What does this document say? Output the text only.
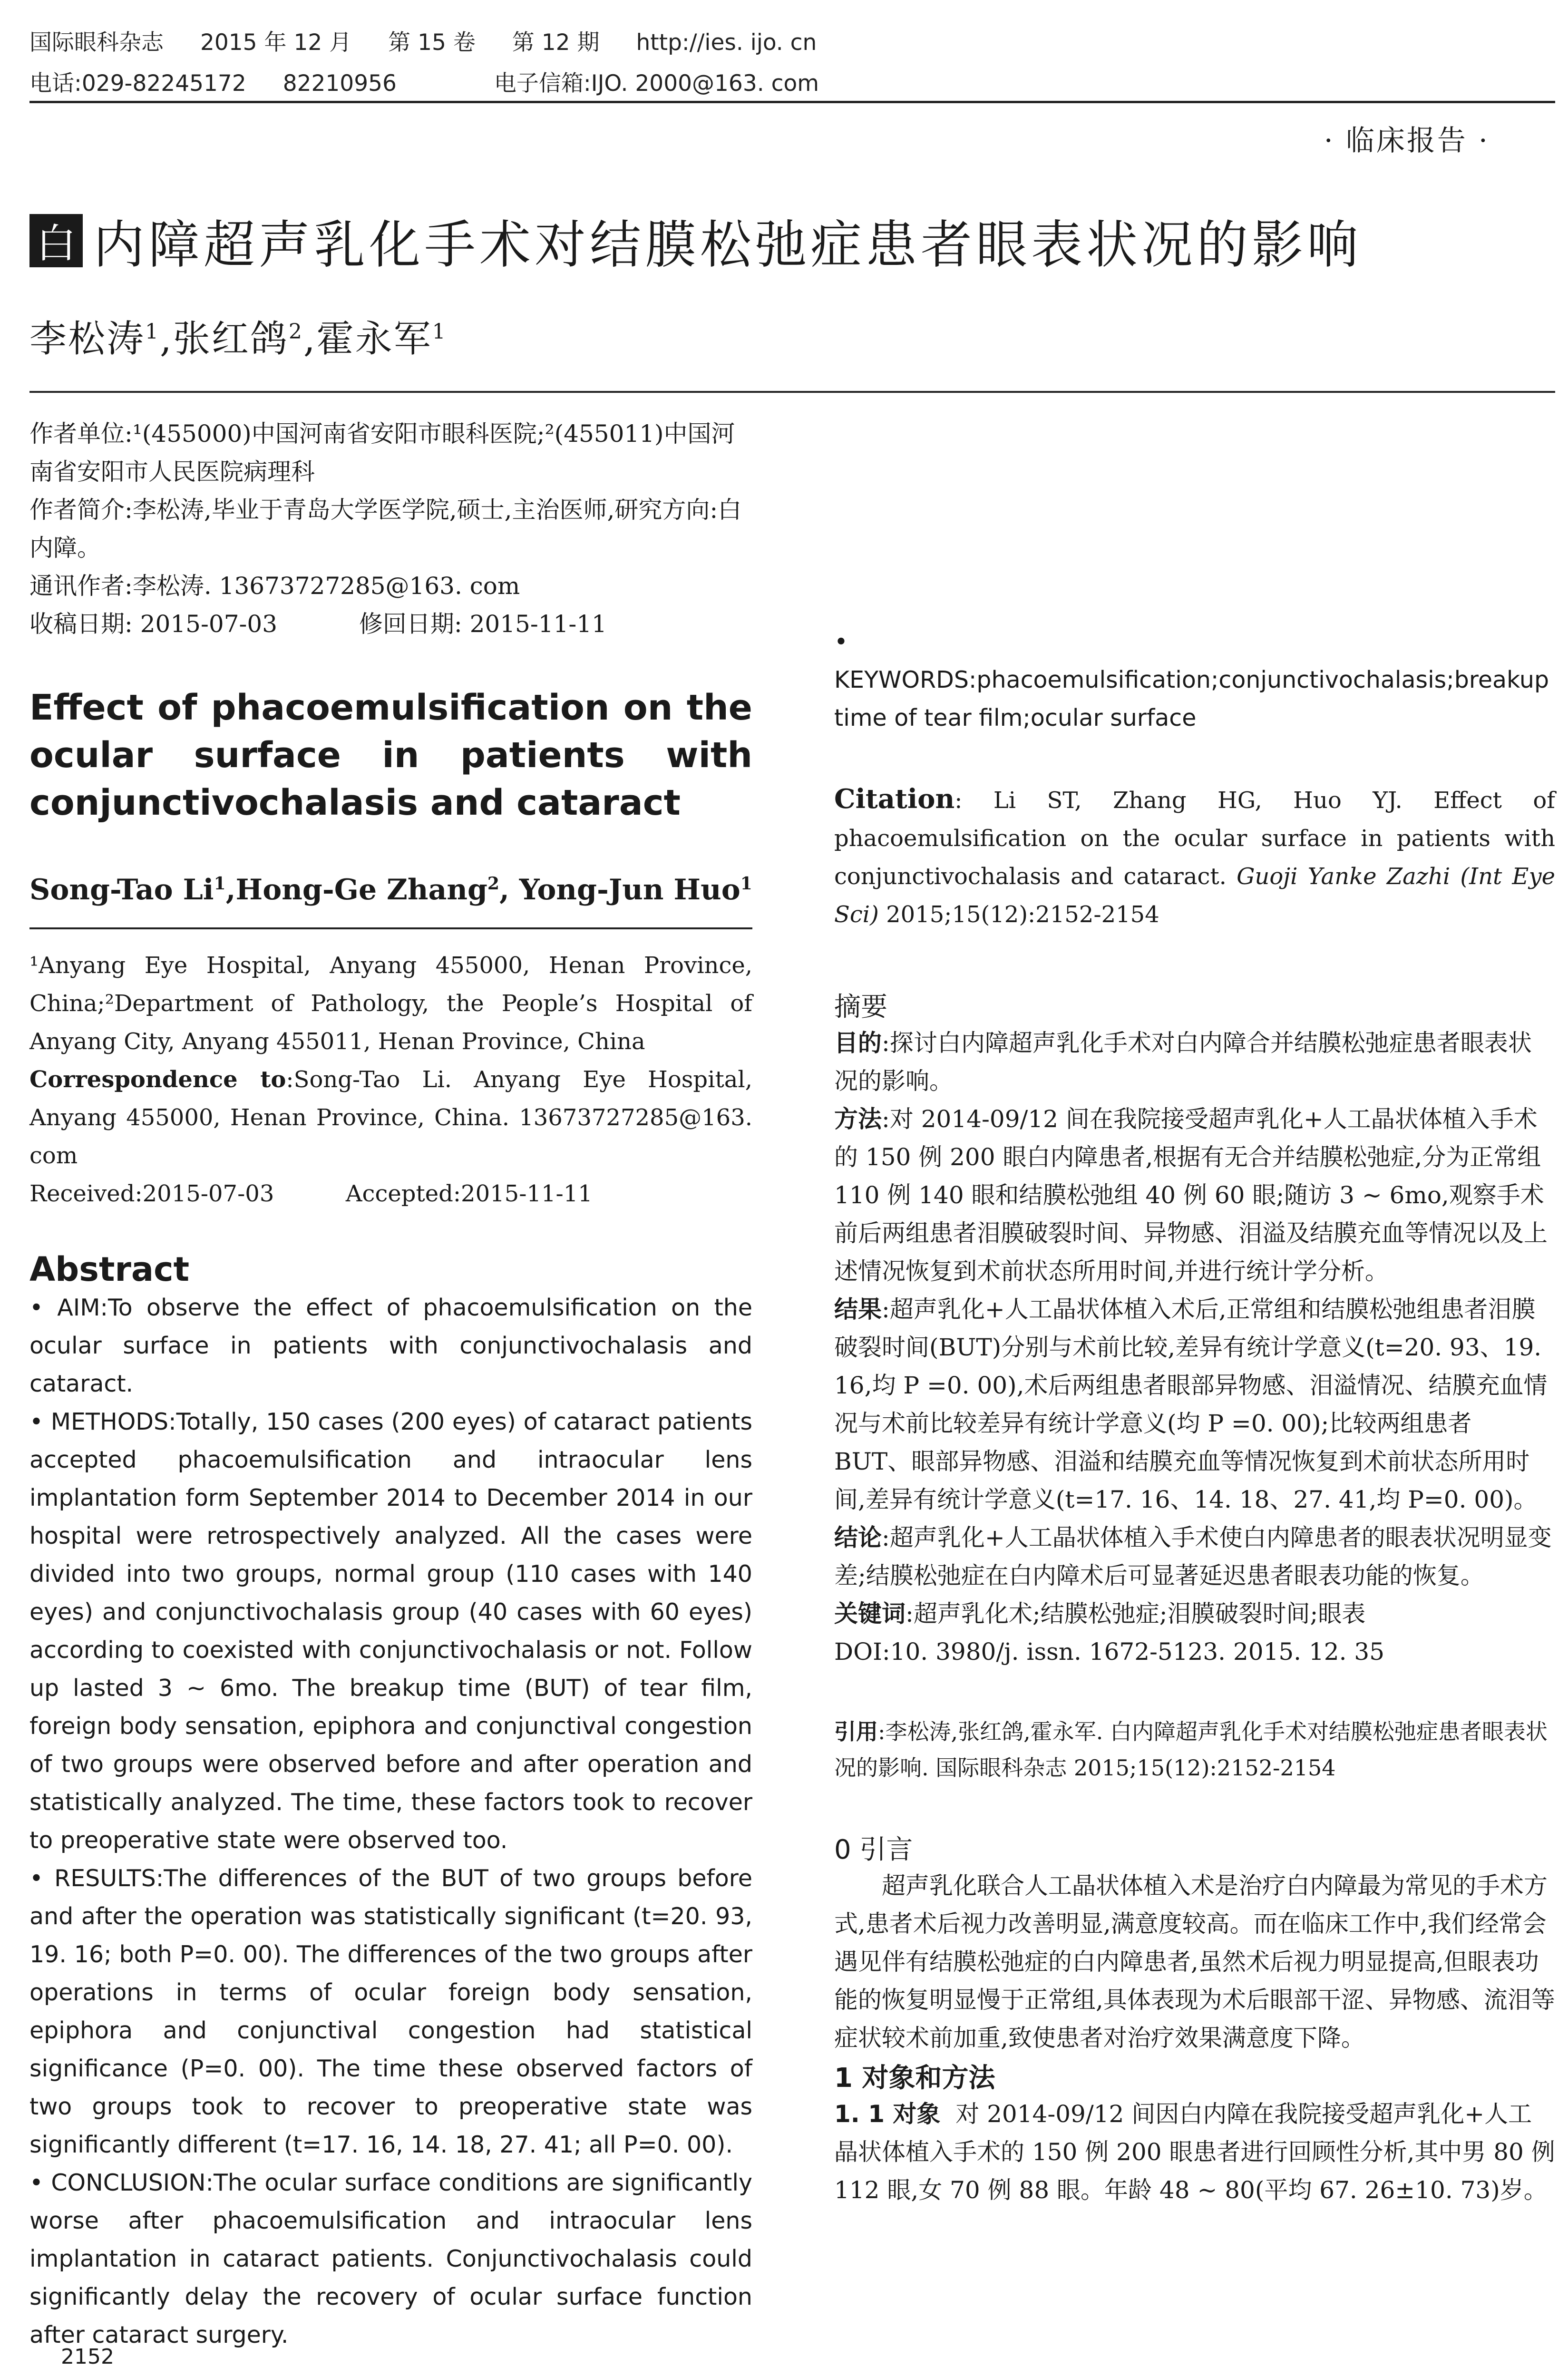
国际眼科杂志 2015 年 12 月 第 15 卷 第 12 期 http://ies. ijo. cn
电话:029-82245172 82210956	电子信箱:IJO. 2000@163. com
· 临床报告 ·
白 内障超声乳化手术对结膜松弛症患者眼表状况的影响
李松涛$^1$,张红鸽$^2$,霍永军$^1$

作者单位:¹(455000)中国河南省安阳市眼科医院;²(455011)中国河南省安阳市人民医院病理科

作者简介:李松涛,毕业于青岛大学医学院,硕士,主治医师,研究方向:白内障。

通讯作者:李松涛. 13673727285@163. com

收稿日期: 2015-07-03	修回日期: 2015-11-11

Effect of phacoemulsification on the

ocular surface in patients with

conjunctivochalasis and cataract

Song-Tao Li$^1$,Hong-Ge Zhang$^2$, Yong-Jun Huo$^1$

¹Anyang Eye Hospital, Anyang 455000, Henan Province, China;²Department of Pathology, the People’s Hospital of Anyang City, Anyang 455011, Henan Province, China

Correspondence to:Song-Tao Li. Anyang Eye Hospital, Anyang 455000, Henan Province, China. 13673727285@163. com

Received:2015-07-03	Accepted:2015-11-11

Abstract

• AIM:To observe the effect of phacoemulsification on the ocular surface in patients with conjunctivochalasis and cataract.

• METHODS:Totally, 150 cases (200 eyes) of cataract patients accepted phacoemulsification and intraocular lens implantation form September 2014 to December 2014 in our hospital were retrospectively analyzed. All the cases were divided into two groups, normal group (110 cases with 140 eyes) and conjunctivochalasis group (40 cases with 60 eyes) according to coexisted with conjunctivochalasis or not. Follow up lasted 3 ~ 6mo. The breakup time (BUT) of tear film, foreign body sensation, epiphora and conjunctival congestion of two groups were observed before and after operation and statistically analyzed. The time, these factors took to recover to preoperative state were observed too.

• RESULTS:The differences of the BUT of two groups before and after the operation was statistically significant (t=20. 93, 19. 16; both P=0. 00). The differences of the two groups after operations in terms of ocular foreign body sensation, epiphora and conjunctival congestion had statistical significance (P=0. 00). The time these observed factors of two groups took to recover to preoperative state was significantly different (t=17. 16, 14. 18, 27. 41; all P=0. 00).

• CONCLUSION:The ocular surface conditions are significantly worse after phacoemulsification and intraocular lens implantation in cataract patients. Conjunctivochalasis could significantly delay the recovery of ocular surface function after cataract surgery.

• KEYWORDS:phacoemulsification;conjunctivochalasis;breakup time of tear film;ocular surface

Citation: Li ST, Zhang HG, Huo YJ. Effect of phacoemulsification on the ocular surface in patients with conjunctivochalasis and cataract. Guoji Yanke Zazhi (Int Eye Sci) 2015;15(12):2152-2154

摘要

目的:探讨白内障超声乳化手术对白内障合并结膜松弛症患者眼表状况的影响。

方法:对 2014-09/12 间在我院接受超声乳化+人工晶状体植入手术的 150 例 200 眼白内障患者,根据有无合并结膜松弛症,分为正常组 110 例 140 眼和结膜松弛组 40 例 60 眼;随访 3 ~ 6mo,观察手术前后两组患者泪膜破裂时间、异物感、泪溢及结膜充血等情况以及上述情况恢复到术前状态所用时间,并进行统计学分析。

结果:超声乳化+人工晶状体植入术后,正常组和结膜松弛组患者泪膜破裂时间(BUT)分别与术前比较,差异有统计学意义(t=20. 93、19. 16,均 P =0. 00),术后两组患者眼部异物感、泪溢情况、结膜充血情况与术前比较差异有统计学意义(均 P =0. 00);比较两组患者 BUT、眼部异物感、泪溢和结膜充血等情况恢复到术前状态所用时间,差异有统计学意义(t=17. 16、14. 18、27. 41,均 P=0. 00)。

结论:超声乳化+人工晶状体植入手术使白内障患者的眼表状况明显变差;结膜松弛症在白内障术后可显著延迟患者眼表功能的恢复。

关键词:超声乳化术;结膜松弛症;泪膜破裂时间;眼表

DOI:10. 3980/j. issn. 1672-5123. 2015. 12. 35

引用:李松涛,张红鸽,霍永军. 白内障超声乳化手术对结膜松弛症患者眼表状况的影响. 国际眼科杂志 2015;15(12):2152-2154

0 引言

超声乳化联合人工晶状体植入术是治疗白内障最为常见的手术方式,患者术后视力改善明显,满意度较高。而在临床工作中,我们经常会遇见伴有结膜松弛症的白内障患者,虽然术后视力明显提高,但眼表功能的恢复明显慢于正常组,具体表现为术后眼部干涩、异物感、流泪等症状较术前加重,致使患者对治疗效果满意度下降。

1 对象和方法

1. 1 对象 对 2014-09/12 间因白内障在我院接受超声乳化+人工晶状体植入手术的 150 例 200 眼患者进行回顾性分析,其中男 80 例 112 眼,女 70 例 88 眼。年龄 48 ~ 80(平均 67. 26±10. 73)岁。

2152
